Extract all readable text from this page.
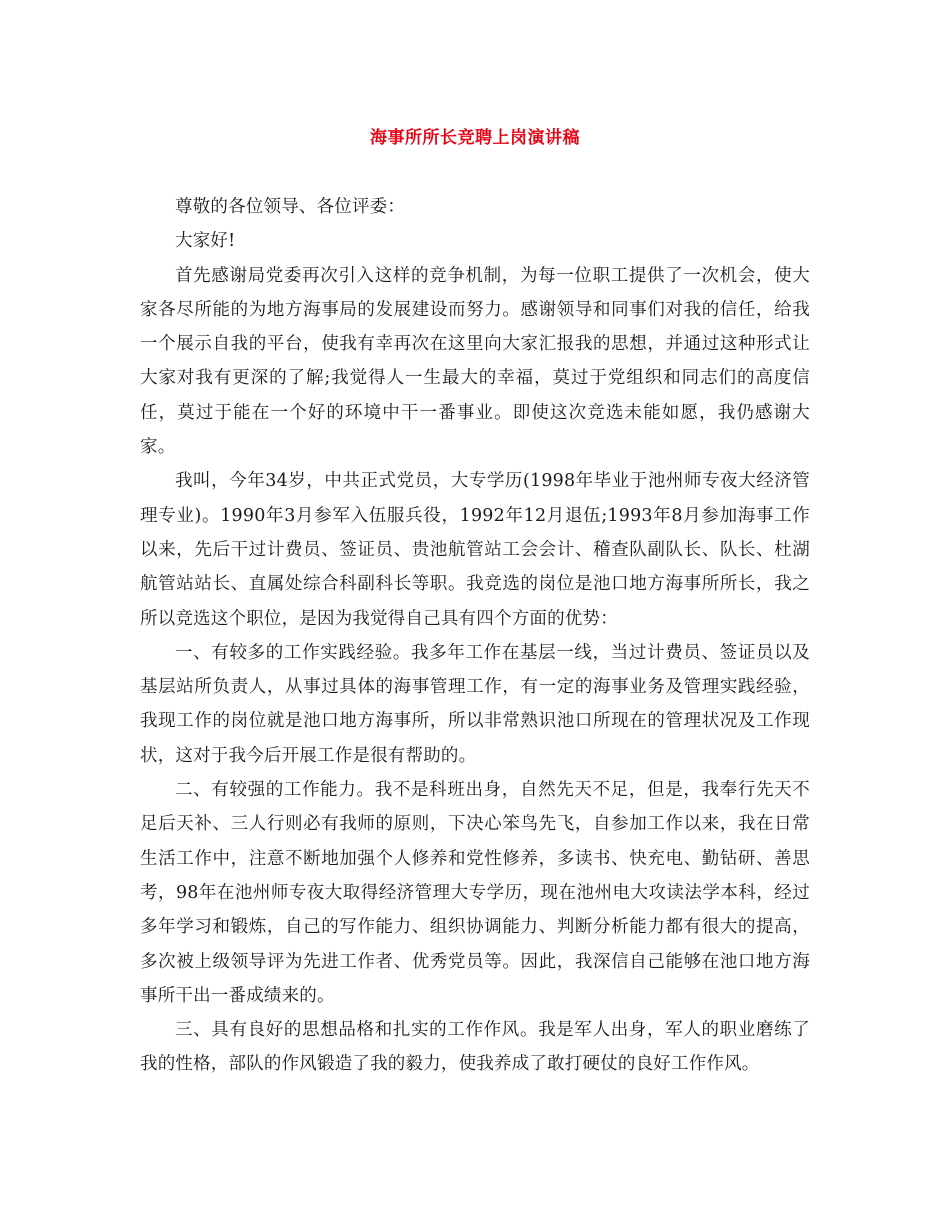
海事所所长竞聘上岗演讲稿

尊敬的各位领导、各位评委：

大家好!

首先感谢局党委再次引入这样的竞争机制，为每一位职工提供了一次机会，使大家各尽所能的为地方海事局的发展建设而努力。感谢领导和同事们对我的信任，给我一个展示自我的平台，使我有幸再次在这里向大家汇报我的思想，并通过这种形式让大家对我有更深的了解;我觉得人一生最大的幸福，莫过于党组织和同志们的高度信任，莫过于能在一个好的环境中干一番事业。即使这次竞选未能如愿，我仍感谢大家。

我叫，今年34岁，中共正式党员，大专学历(1998年毕业于池州师专夜大经济管理专业)。1990年3月参军入伍服兵役，1992年12月退伍;1993年8月参加海事工作以来，先后干过计费员、签证员、贵池航管站工会会计、稽查队副队长、队长、杜湖航管站站长、直属处综合科副科长等职。我竞选的岗位是池口地方海事所所长，我之所以竞选这个职位，是因为我觉得自己具有四个方面的优势：

一、有较多的工作实践经验。我多年工作在基层一线，当过计费员、签证员以及基层站所负责人，从事过具体的海事管理工作，有一定的海事业务及管理实践经验，我现工作的岗位就是池口地方海事所，所以非常熟识池口所现在的管理状况及工作现状，这对于我今后开展工作是很有帮助的。

二、有较强的工作能力。我不是科班出身，自然先天不足，但是，我奉行先天不足后天补、三人行则必有我师的原则，下决心笨鸟先飞，自参加工作以来，我在日常生活工作中，注意不断地加强个人修养和党性修养，多读书、快充电、勤钻研、善思考，98年在池州师专夜大取得经济管理大专学历，现在池州电大攻读法学本科，经过多年学习和锻炼，自己的写作能力、组织协调能力、判断分析能力都有很大的提高，多次被上级领导评为先进工作者、优秀党员等。因此，我深信自己能够在池口地方海事所干出一番成绩来的。

三、具有良好的思想品格和扎实的工作作风。我是军人出身，军人的职业磨练了我的性格，部队的作风锻造了我的毅力，使我养成了敢打硬仗的良好工作作风。
